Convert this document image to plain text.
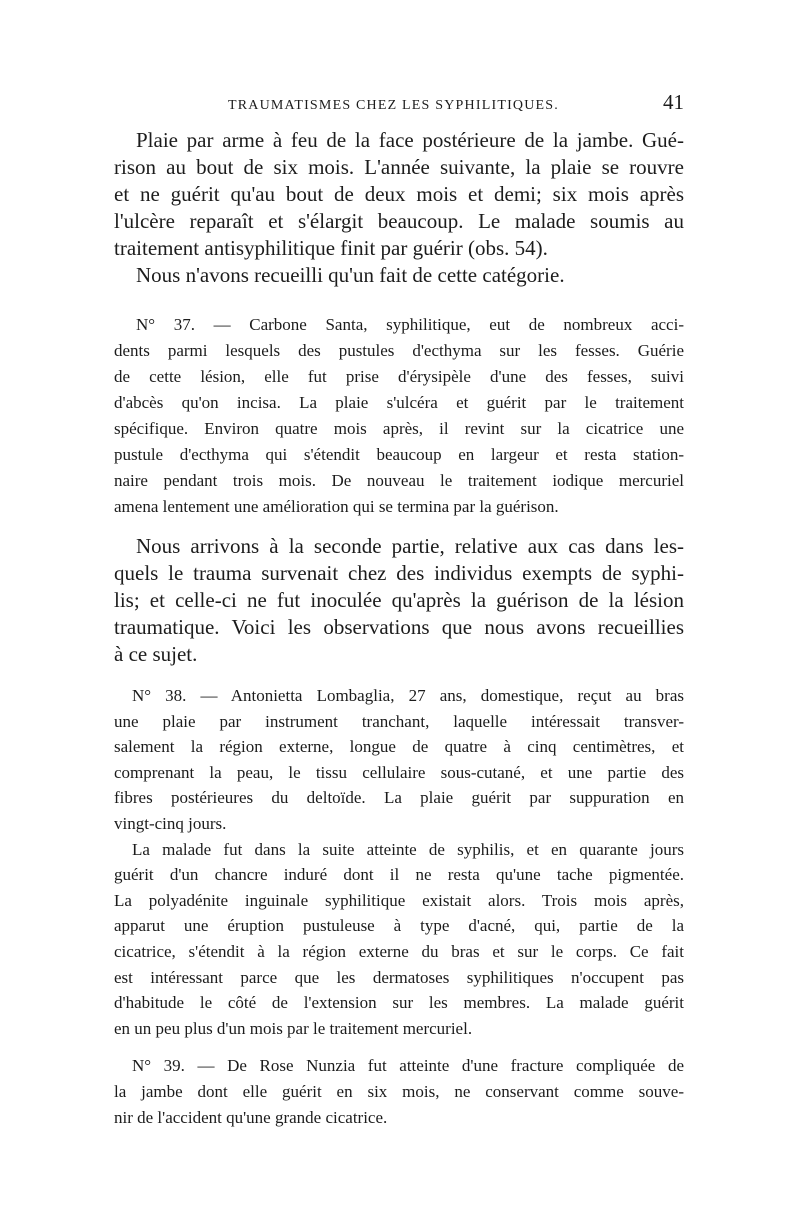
TRAUMATISMES CHEZ LES SYPHILITIQUES.	41
Plaie par arme à feu de la face postérieure de la jambe. Gué-
rison au bout de six mois. L'année suivante, la plaie se rouvre
et ne guérit qu'au bout de deux mois et demi; six mois après
l'ulcère reparaît et s'élargit beaucoup. Le malade soumis au
traitement antisyphilitique finit par guérir (obs. 54).
Nous n'avons recueilli qu'un fait de cette catégorie.
N° 37. — Carbone Santa, syphilitique, eut de nombreux acci-
dents parmi lesquels des pustules d'ecthyma sur les fesses. Guérie
de cette lésion, elle fut prise d'érysipèle d'une des fesses, suivi
d'abcès qu'on incisa. La plaie s'ulcéra et guérit par le traitement
spécifique. Environ quatre mois après, il revint sur la cicatrice une
pustule d'ecthyma qui s'étendit beaucoup en largeur et resta station-
naire pendant trois mois. De nouveau le traitement iodique mercuriel
amena lentement une amélioration qui se termina par la guérison.
Nous arrivons à la seconde partie, relative aux cas dans les-
quels le trauma survenait chez des individus exempts de syphi-
lis; et celle-ci ne fut inoculée qu'après la guérison de la lésion
traumatique. Voici les observations que nous avons recueillies
à ce sujet.
N° 38. — Antonietta Lombaglia, 27 ans, domestique, reçut au bras
une plaie par instrument tranchant, laquelle intéressait transver-
salement la région externe, longue de quatre à cinq centimètres, et
comprenant la peau, le tissu cellulaire sous-cutané, et une partie des
fibres postérieures du deltoïde. La plaie guérit par suppuration en
vingt-cinq jours.
La malade fut dans la suite atteinte de syphilis, et en quarante jours
guérit d'un chancre induré dont il ne resta qu'une tache pigmentée.
La polyadénite inguinale syphilitique existait alors. Trois mois après,
apparut une éruption pustuleuse à type d'acné, qui, partie de la
cicatrice, s'étendit à la région externe du bras et sur le corps. Ce fait
est intéressant parce que les dermatoses syphilitiques n'occupent pas
d'habitude le côté de l'extension sur les membres. La malade guérit
en un peu plus d'un mois par le traitement mercuriel.
N° 39. — De Rose Nunzia fut atteinte d'une fracture compliquée de
la jambe dont elle guérit en six mois, ne conservant comme souve-
nir de l'accident qu'une grande cicatrice.
